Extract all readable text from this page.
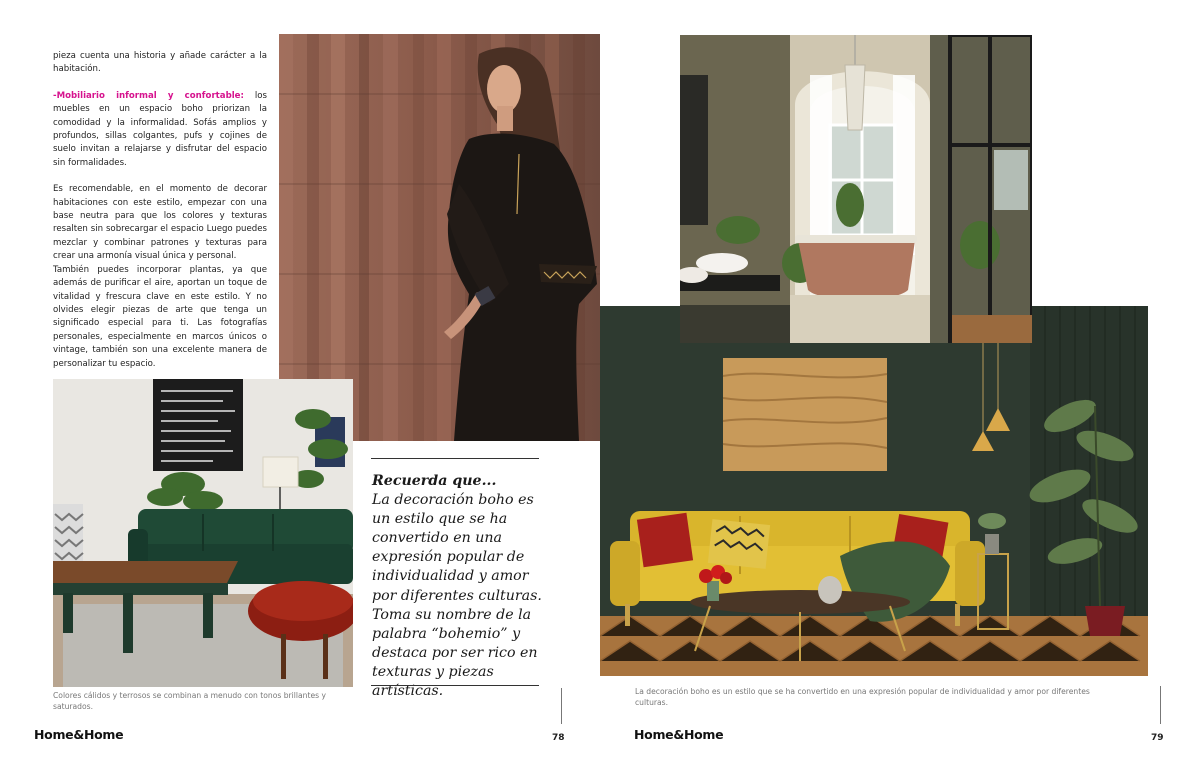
pieza cuenta una historia y añade carácter a la habitación.

-Mobiliario informal y confortable: los muebles en un espacio boho priorizan la comodidad y la informalidad. Sofás amplios y profundos, sillas colgantes, pufs y cojines de suelo invitan a relajarse y disfrutar del espacio sin formalidades.

Es recomendable, en el momento de decorar habitaciones con este estilo, empezar con una base neutra para que los colores y texturas resalten sin sobrecargar el espacio Luego puedes mezclar y combinar patrones y texturas para crear una armonía visual única y personal.

También puedes incorporar plantas, ya que además de purificar el aire, aportan un toque de vitalidad y frescura clave en este estilo. Y no olvides elegir piezas de arte que tenga un significado especial para ti. Las fotografías personales, especialmente en marcos únicos o vintage, también son una excelente manera de personalizar tu espacio.

Recuerda que...
La decoración boho es un estilo que se ha convertido en una expresión popular de individualidad y amor por diferentes culturas. Toma su nombre de la palabra “bohemio” y destaca por ser rico en texturas y piezas artísticas.
Colores cálidos y terrosos se combinan a menudo con tonos brillantes y saturados.
Home&Home	78
La decoración boho es un estilo que se ha convertido en una expresión popular de individualidad y amor por diferentes culturas.
Home&Home	79
